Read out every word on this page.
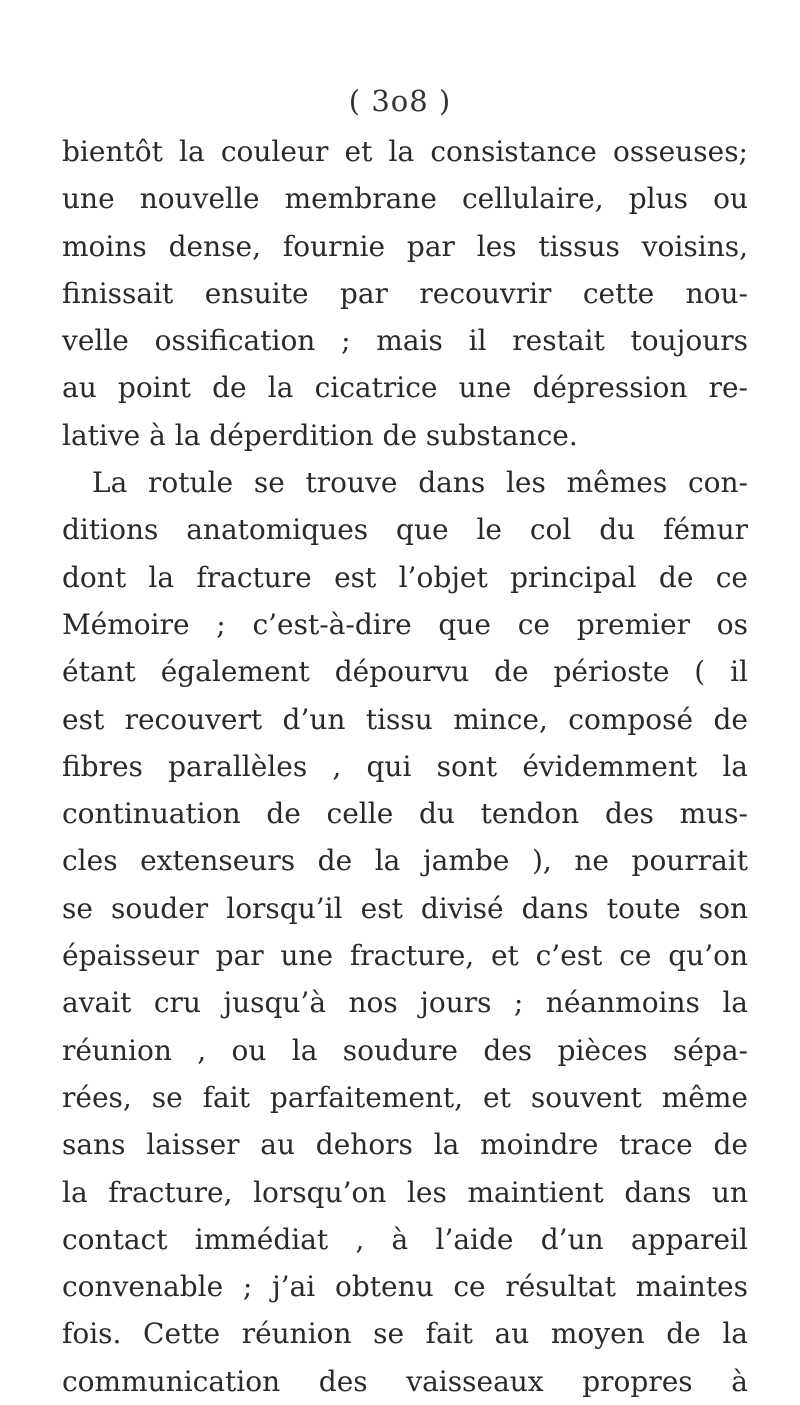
( 3o8 )
bientôt la couleur et la consistance osseuses;
une nouvelle membrane cellulaire, plus ou
moins dense, fournie par les tissus voisins,
finissait ensuite par recouvrir cette nou-
velle ossification ; mais il restait toujours
au point de la cicatrice une dépression re-
lative à la déperdition de substance.
La rotule se trouve dans les mêmes con-
ditions anatomiques que le col du fémur
dont la fracture est l’objet principal de ce
Mémoire ; c’est-à-dire que ce premier os
étant également dépourvu de périoste ( il
est recouvert d’un tissu mince, composé de
fibres parallèles , qui sont évidemment la
continuation de celle du tendon des mus-
cles extenseurs de la jambe ), ne pourrait
se souder lorsqu’il est divisé dans toute son
épaisseur par une fracture, et c’est ce qu’on
avait cru jusqu’à nos jours ; néanmoins la
réunion , ou la soudure des pièces sépa-
rées, se fait parfaitement, et souvent même
sans laisser au dehors la moindre trace de
la fracture, lorsqu’on les maintient dans un
contact immédiat , à l’aide d’un appareil
convenable ; j’ai obtenu ce résultat maintes
fois. Cette réunion se fait au moyen de la
communication des vaisseaux propres à
